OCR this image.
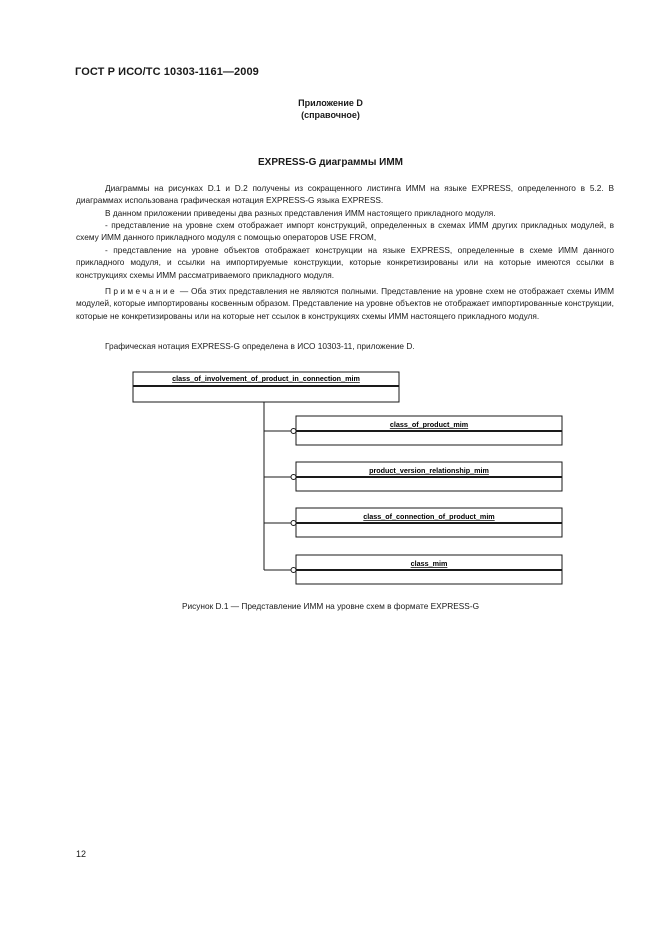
ГОСТ Р ИСО/ТС 10303-1161—2009
Приложение D
(справочное)
EXPRESS-G диаграммы ИММ
Диаграммы на рисунках D.1 и D.2 получены из сокращенного листинга ИММ на языке EXPRESS, определенного в 5.2. В диаграммах использована графическая нотация EXPRESS-G языка EXPRESS.
В данном приложении приведены два разных представления ИММ настоящего прикладного модуля.
- представление на уровне схем отображает импорт конструкций, определенных в схемах ИММ других прикладных модулей, в схему ИММ данного прикладного модуля с помощью операторов USE FROM,
- представление на уровне объектов отображает конструкции на языке EXPRESS, определенные в схеме ИММ данного прикладного модуля, и ссылки на импортируемые конструкции, которые конкретизированы или на которые имеются ссылки в конструкциях схемы ИММ рассматриваемого прикладного модуля.
Примечание — Оба этих представления не являются полными. Представление на уровне схем не отображает схемы ИММ модулей, которые импортированы косвенным образом. Представление на уровне объектов не отображает импортированные конструкции, которые не конкретизированы или на которые нет ссылок в конструкциях схемы ИММ настоящего прикладного модуля.
Графическая нотация EXPRESS-G определена в ИСО 10303-11, приложение D.
class_of_involvement_of_product_in_connection_mim
class_of_product_mim
product_version_relationship_mim
class_of_connection_of_product_mim
class_mim
Рисунок D.1 — Представление ИММ на уровне схем в формате EXPRESS-G
12
